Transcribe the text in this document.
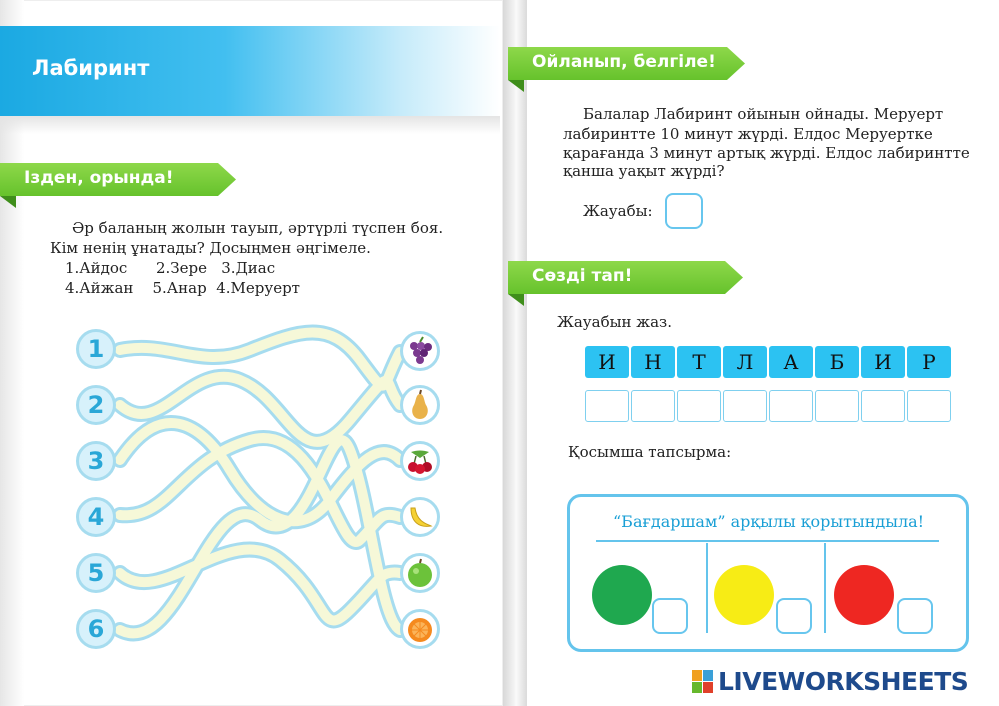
Лабиринт
Ізден, орында!
Әр баланың жолын тауып, әртүрлі түспен боя.
Кім ненің ұнатады? Досыңмен әңгімеле.
1.Айдос      2.Зере   3.Диас
4.Айжан    5.Анар  4.Меруерт
1
2
3
4
5
6
Ойланып, белгіле!
Балалар Лабиринт ойынын ойнады. Меруерт
лабиринтте 10 минут жүрді. Елдос Меруертке
қарағанда 3 минут артық жүрді. Елдос лабиринтте
қанша уақыт жүрді?
Жауабы:
Сөзді тап!
Жауабын жаз.
И	Н	Т	Л	А	Б	И	Р
Қосымша тапсырма:
“Бағдаршам” арқылы қорытындыла!
LIVEWORKSHEETS
